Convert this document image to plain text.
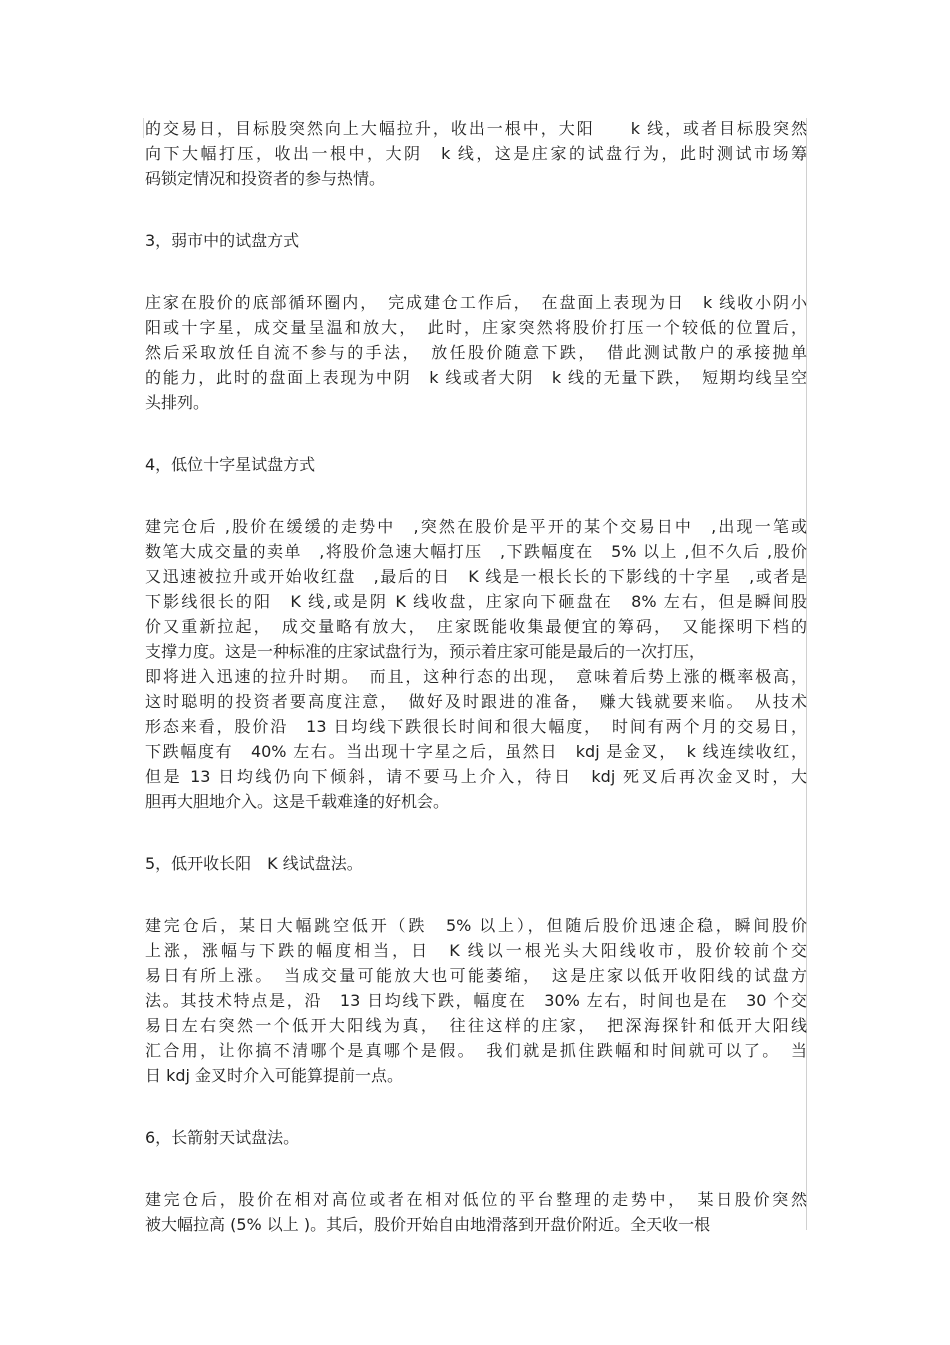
的交易日，目标股突然向上大幅拉升，收出一根中，大阳　　k 线，或者目标股突然
向下大幅打压，收出一根中，大阴　k 线，这是庄家的试盘行为，此时测试市场筹
码锁定情况和投资者的参与热情。
3，弱市中的试盘方式
庄家在股价的底部循环圈内，　完成建仓工作后，　在盘面上表现为日　k 线收小阴小
阳或十字星，成交量呈温和放大，　此时，庄家突然将股价打压一个较低的位置后，
然后采取放任自流不参与的手法，　放任股价随意下跌，　借此测试散户的承接抛单
的能力，此时的盘面上表现为中阴　k 线或者大阴　k 线的无量下跌，　短期均线呈空
头排列。
4，低位十字星试盘方式
建完仓后 ,股价在缓缓的走势中　,突然在股价是平开的某个交易日中　,出现一笔或
数笔大成交量的卖单　,将股价急速大幅打压　,下跌幅度在　5% 以上 ,但不久后 ,股价
又迅速被拉升或开始收红盘　,最后的日　K 线是一根长长的下影线的十字星　,或者是
下影线很长的阳　K 线,或是阴 K 线收盘，庄家向下砸盘在　8% 左右，但是瞬间股
价又重新拉起，　成交量略有放大，　庄家既能收集最便宜的筹码，　又能探明下档的
支撑力度。这是一种标准的庄家试盘行为，预示着庄家可能是最后的一次打压，
即将进入迅速的拉升时期。　而且，这种行态的出现，　意味着后势上涨的概率极高，
这时聪明的投资者要高度注意，　做好及时跟进的准备，　赚大钱就要来临。　从技术
形态来看，股价沿　13 日均线下跌很长时间和很大幅度，　时间有两个月的交易日，
下跌幅度有　40% 左右。当出现十字星之后，虽然日　kdj 是金叉，　k 线连续收红，
但是 13 日均线仍向下倾斜，请不要马上介入，待日　kdj 死叉后再次金叉时，大
胆再大胆地介入。这是千载难逢的好机会。
5，低开收长阳　K 线试盘法。
建完仓后，某日大幅跳空低开（跌　5% 以上），但随后股价迅速企稳，瞬间股价
上涨，涨幅与下跌的幅度相当，日　K 线以一根光头大阳线收市，股价较前个交
易日有所上涨。　当成交量可能放大也可能萎缩，　这是庄家以低开收阳线的试盘方
法。其技术特点是，沿　13 日均线下跌，幅度在　30% 左右，时间也是在　30 个交
易日左右突然一个低开大阳线为真，　往往这样的庄家，　把深海探针和低开大阳线
汇合用，让你搞不清哪个是真哪个是假。　我们就是抓住跌幅和时间就可以了。　当
日 kdj 金叉时介入可能算提前一点。
6，长箭射天试盘法。
建完仓后，股价在相对高位或者在相对低位的平台整理的走势中，　某日股价突然
被大幅拉高 (5% 以上 )。其后，股价开始自由地滑落到开盘价附近。全天收一根
